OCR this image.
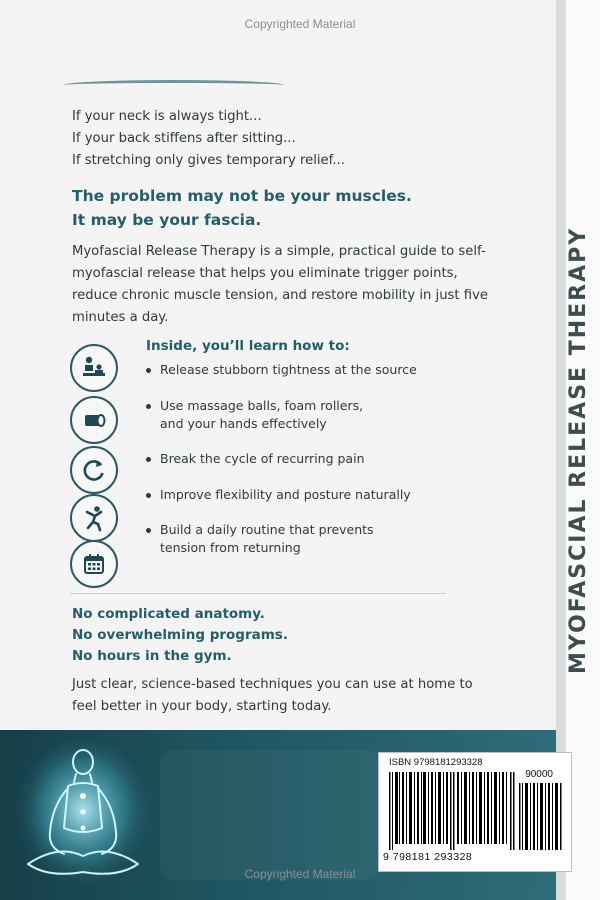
MYOFASCIAL RELEASE THERAPY
Copyrighted Material
If your neck is always tight...
If your back stiffens after sitting...
If stretching only gives temporary relief...
The problem may not be your muscles.
It may be your fascia.
Myofascial Release Therapy is a simple, practical guide to self-myofascial release that helps you eliminate trigger points, reduce chronic muscle tension, and restore mobility in just five minutes a day.
Inside, you’ll learn how to:
Release stubborn tightness at the source
Use massage balls, foam rollers,
and your hands effectively
Break the cycle of recurring pain
Improve flexibility and posture naturally
Build a daily routine that prevents
tension from returning
No complicated anatomy.
No overwhelming programs.
No hours in the gym.
Just clear, science-based techniques you can use at home to feel better in your body, starting today.
ISBN 9798181293328
90000
9 798181 293328
Copyrighted Material
